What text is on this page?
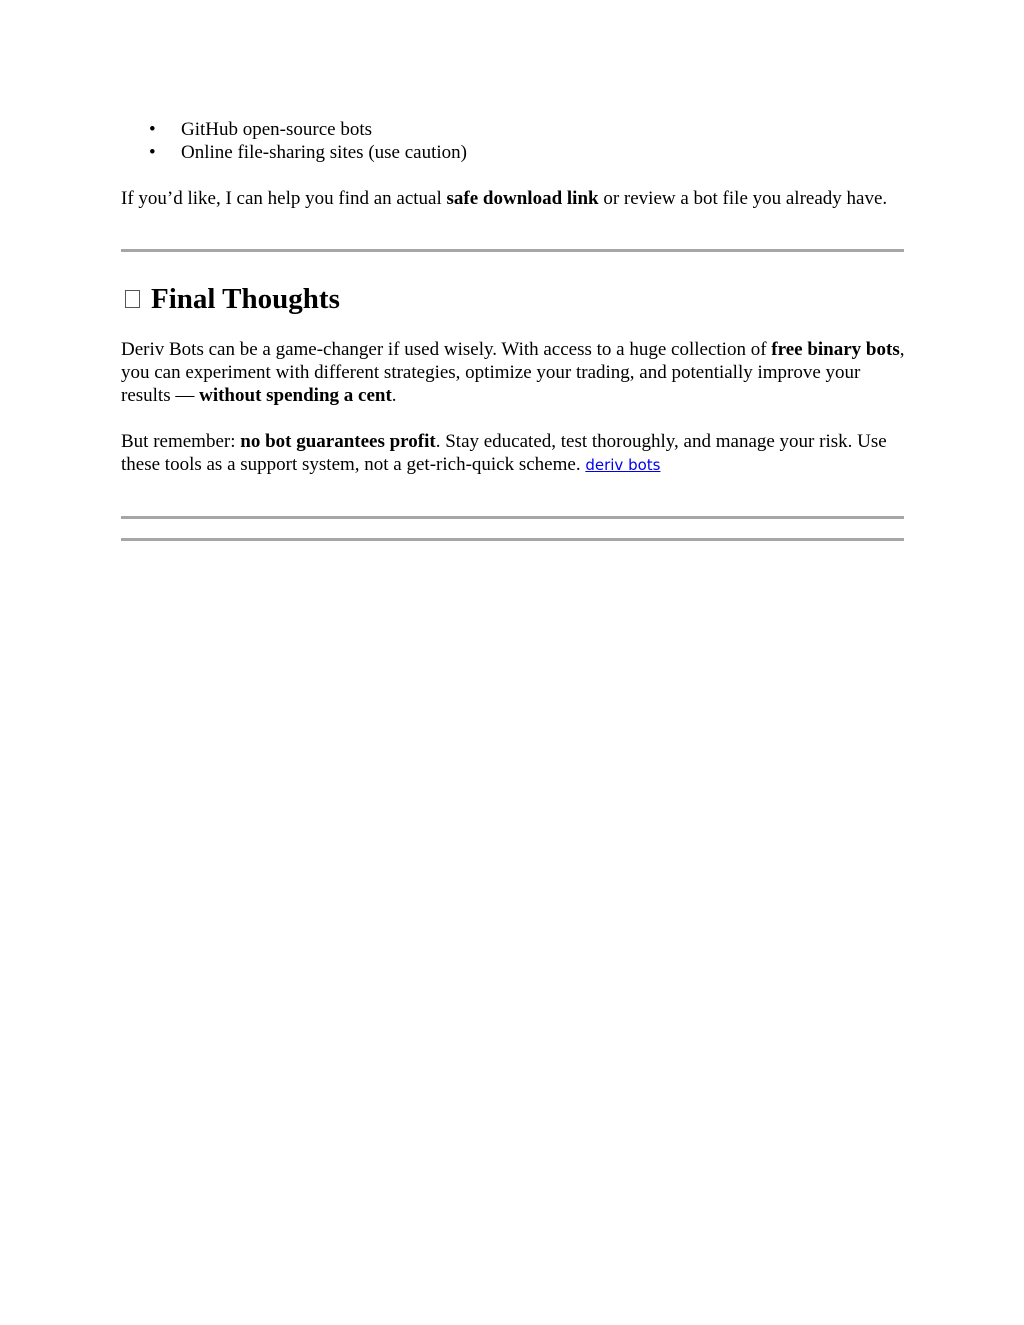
• GitHub open-source bots
• Online file-sharing sites (use caution)

If you’d like, I can help you find an actual safe download link or review a bot file you already have.

Final Thoughts

Deriv Bots can be a game-changer if used wisely. With access to a huge collection of free binary bots, you can experiment with different strategies, optimize your trading, and potentially improve your results — without spending a cent.

But remember: no bot guarantees profit. Stay educated, test thoroughly, and manage your risk. Use these tools as a support system, not a get-rich-quick scheme. deriv bots
